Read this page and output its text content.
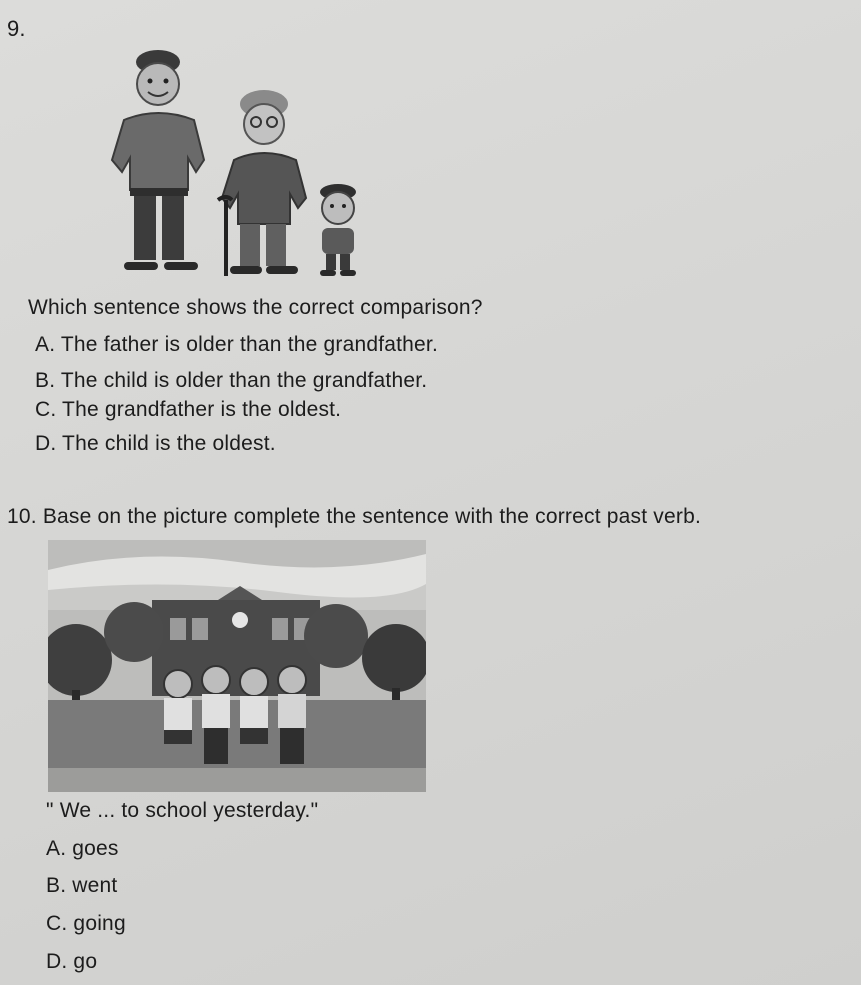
9.
Which sentence shows the correct comparison?
A. The father is older than the grandfather.
B. The child is older than the grandfather.
C. The grandfather is the oldest.
D. The child is the oldest.
10. Base on the picture complete the sentence with the correct past verb.
" We ... to school yesterday."
A. goes
B. went
C. going
D. go
